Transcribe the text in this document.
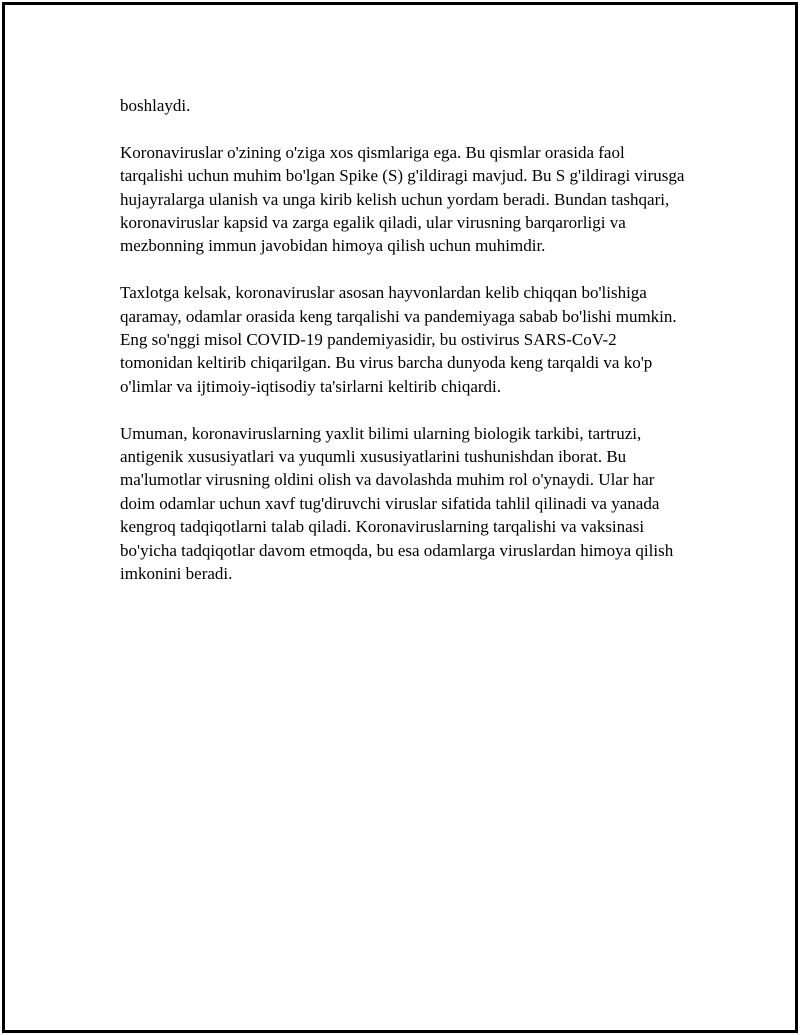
boshlaydi.

Koronaviruslar o'zining o'ziga xos qismlariga ega. Bu qismlar orasida faol tarqalishi uchun muhim bo'lgan Spike (S) g'ildiragi mavjud. Bu S g'ildiragi virusga hujayralarga ulanish va unga kirib kelish uchun yordam beradi. Bundan tashqari, koronaviruslar kapsid va zarga egalik qiladi, ular virusning barqarorligi va mezbonning immun javobidan himoya qilish uchun muhimdir.

Taxlotga kelsak, koronaviruslar asosan hayvonlardan kelib chiqqan bo'lishiga qaramay, odamlar orasida keng tarqalishi va pandemiyaga sabab bo'lishi mumkin. Eng so'nggi misol COVID-19 pandemiyasidir, bu ostivirus SARS-CoV-2 tomonidan keltirib chiqarilgan. Bu virus barcha dunyoda keng tarqaldi va ko'p o'limlar va ijtimoiy-iqtisodiy ta'sirlarni keltirib chiqardi.

Umuman, koronaviruslarning yaxlit bilimi ularning biologik tarkibi, tartruzi, antigenik xususiyatlari va yuqumli xususiyatlarini tushunishdan iborat. Bu ma'lumotlar virusning oldini olish va davolashda muhim rol o'ynaydi. Ular har doim odamlar uchun xavf tug'diruvchi viruslar sifatida tahlil qilinadi va yanada kengroq tadqiqotlarni talab qiladi. Koronaviruslarning tarqalishi va vaksinasi bo'yicha tadqiqotlar davom etmoqda, bu esa odamlarga viruslardan himoya qilish imkonini beradi.
